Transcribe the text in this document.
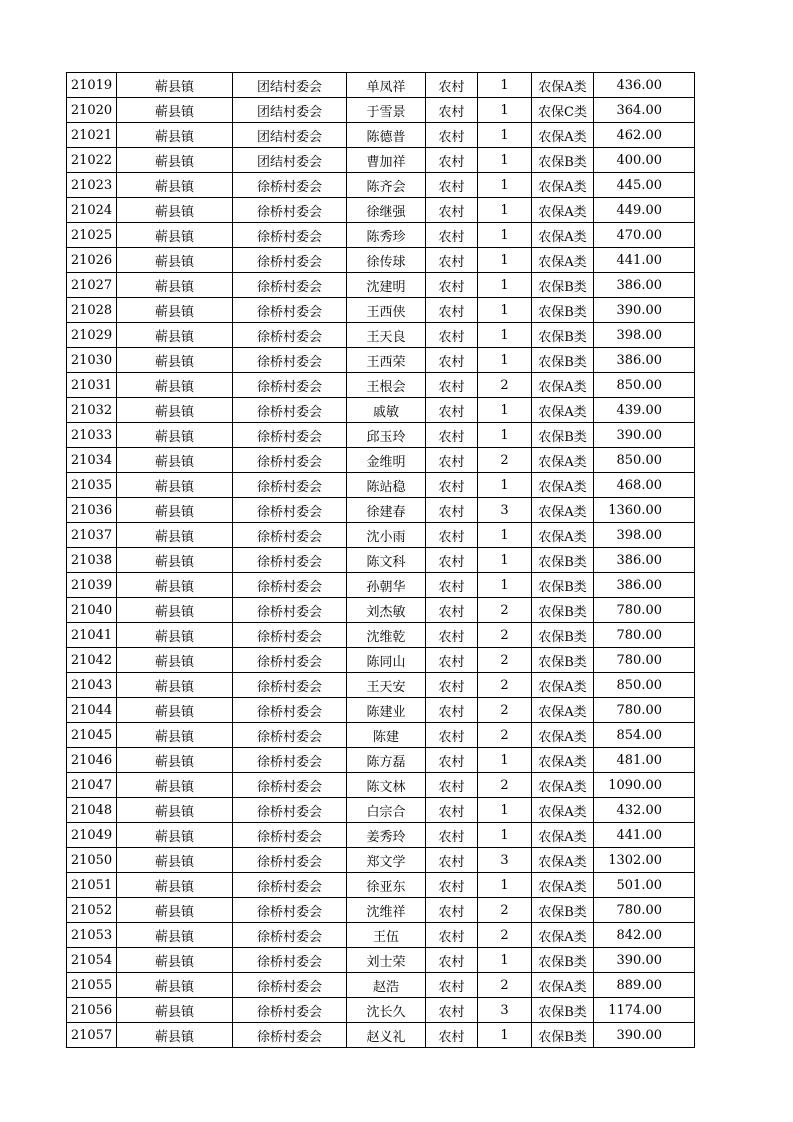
21019	蕲县镇	团结村委会	单凤祥	农村	1	农保A类	436.00
21020	蕲县镇	团结村委会	于雪景	农村	1	农保C类	364.00
21021	蕲县镇	团结村委会	陈德普	农村	1	农保A类	462.00
21022	蕲县镇	团结村委会	曹加祥	农村	1	农保B类	400.00
21023	蕲县镇	徐桥村委会	陈齐会	农村	1	农保A类	445.00
21024	蕲县镇	徐桥村委会	徐继强	农村	1	农保A类	449.00
21025	蕲县镇	徐桥村委会	陈秀珍	农村	1	农保A类	470.00
21026	蕲县镇	徐桥村委会	徐传球	农村	1	农保A类	441.00
21027	蕲县镇	徐桥村委会	沈建明	农村	1	农保B类	386.00
21028	蕲县镇	徐桥村委会	王西侠	农村	1	农保B类	390.00
21029	蕲县镇	徐桥村委会	王天良	农村	1	农保B类	398.00
21030	蕲县镇	徐桥村委会	王西荣	农村	1	农保B类	386.00
21031	蕲县镇	徐桥村委会	王根会	农村	2	农保A类	850.00
21032	蕲县镇	徐桥村委会	戚敏	农村	1	农保A类	439.00
21033	蕲县镇	徐桥村委会	邱玉玲	农村	1	农保B类	390.00
21034	蕲县镇	徐桥村委会	金维明	农村	2	农保A类	850.00
21035	蕲县镇	徐桥村委会	陈站稳	农村	1	农保A类	468.00
21036	蕲县镇	徐桥村委会	徐建春	农村	3	农保A类	1360.00
21037	蕲县镇	徐桥村委会	沈小雨	农村	1	农保A类	398.00
21038	蕲县镇	徐桥村委会	陈文科	农村	1	农保B类	386.00
21039	蕲县镇	徐桥村委会	孙朝华	农村	1	农保B类	386.00
21040	蕲县镇	徐桥村委会	刘杰敏	农村	2	农保B类	780.00
21041	蕲县镇	徐桥村委会	沈维乾	农村	2	农保B类	780.00
21042	蕲县镇	徐桥村委会	陈同山	农村	2	农保B类	780.00
21043	蕲县镇	徐桥村委会	王天安	农村	2	农保A类	850.00
21044	蕲县镇	徐桥村委会	陈建业	农村	2	农保A类	780.00
21045	蕲县镇	徐桥村委会	陈建	农村	2	农保A类	854.00
21046	蕲县镇	徐桥村委会	陈方磊	农村	1	农保A类	481.00
21047	蕲县镇	徐桥村委会	陈文林	农村	2	农保A类	1090.00
21048	蕲县镇	徐桥村委会	白宗合	农村	1	农保A类	432.00
21049	蕲县镇	徐桥村委会	姜秀玲	农村	1	农保A类	441.00
21050	蕲县镇	徐桥村委会	郑文学	农村	3	农保A类	1302.00
21051	蕲县镇	徐桥村委会	徐亚东	农村	1	农保A类	501.00
21052	蕲县镇	徐桥村委会	沈维祥	农村	2	农保B类	780.00
21053	蕲县镇	徐桥村委会	王伍	农村	2	农保A类	842.00
21054	蕲县镇	徐桥村委会	刘士荣	农村	1	农保B类	390.00
21055	蕲县镇	徐桥村委会	赵浩	农村	2	农保A类	889.00
21056	蕲县镇	徐桥村委会	沈长久	农村	3	农保B类	1174.00
21057	蕲县镇	徐桥村委会	赵义礼	农村	1	农保B类	390.00
